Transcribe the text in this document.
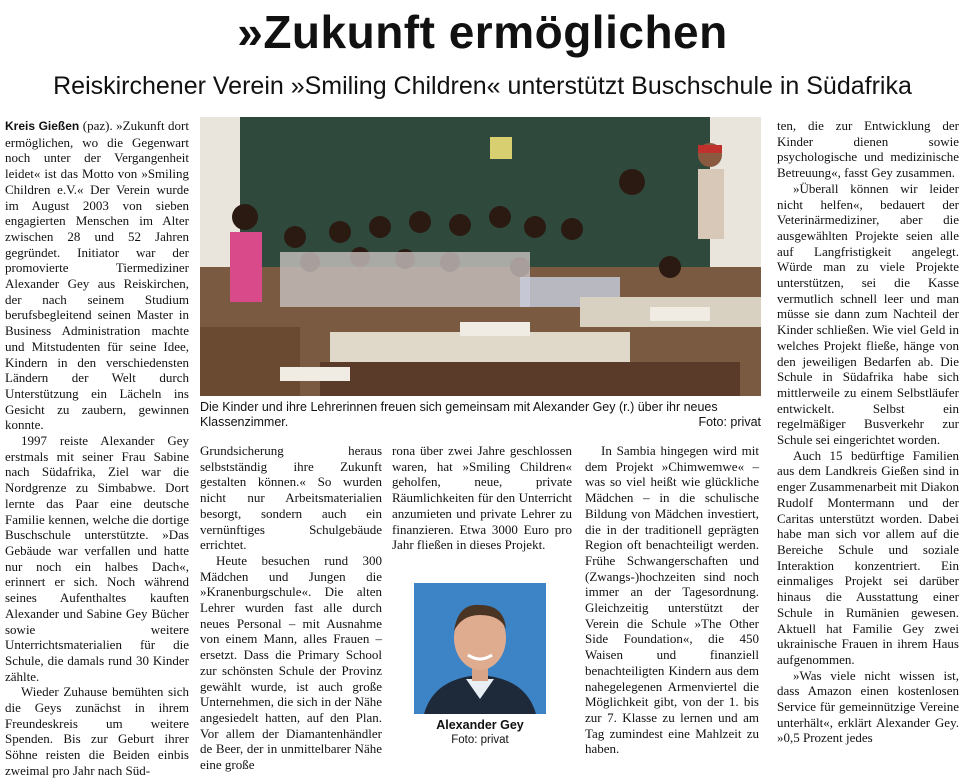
»Zukunft ermöglichen
Reiskirchener Verein »Smiling Children« unterstützt Buschschule in Südafrika

Kreis Gießen (paz). »Zukunft dort ermöglichen, wo die Gegenwart noch unter der Vergangenheit leidet« ist das Motto von »Smiling Children e.V.« Der Verein wurde im August 2003 von sieben engagierten Menschen im Alter zwischen 28 und 52 Jahren gegründet. Initiator war der promovierte Tiermediziner Alexander Gey aus Reiskirchen, der nach seinem Studium berufsbegleitend seinen Master in Business Administration machte und Mitstudenten für seine Idee, Kindern in den verschiedensten Ländern der Welt durch Unterstützung ein Lächeln ins Gesicht zu zaubern, gewinnen konnte.

1997 reiste Alexander Gey erstmals mit seiner Frau Sabine nach Südafrika, Ziel war die Nordgrenze zu Simbabwe. Dort lernte das Paar eine deutsche Familie kennen, welche die dortige Buschschule unterstützte. »Das Gebäude war verfallen und hatte nur noch ein halbes Dach«, erinnert er sich. Noch während seines Aufenthaltes kauften Alexander und Sabine Gey Bücher sowie weitere Unterrichtsmaterialien für die Schule, die damals rund 30 Kinder zählte.

Wieder Zuhause bemühten sich die Geys zunächst in ihrem Freundeskreis um weitere Spenden. Bis zur Geburt ihrer Söhne reisten die Beiden einbis zweimal pro Jahr nach Süd-

Die Kinder und ihre Lehrerinnen freuen sich gemeinsam mit Alexander Gey (r.) über ihr neues Klassenzimmer.	Foto: privat

Grundsicherung heraus selbstständig ihre Zukunft gestalten können.« So wurden nicht nur Arbeitsmaterialien besorgt, sondern auch ein vernünftiges Schulgebäude errichtet.

Heute besuchen rund 300 Mädchen und Jungen die »Kranenburgschule«. Die alten Lehrer wurden fast alle durch neues Personal – mit Ausnahme von einem Mann, alles Frauen – ersetzt. Dass die Primary School zur schönsten Schule der Provinz gewählt wurde, ist auch große Unternehmen, die sich in der Nähe angesiedelt hatten, auf den Plan. Vor allem der Diamantenhändler de Beer, der in unmittelbarer Nähe eine große

rona über zwei Jahre geschlossen waren, hat »Smiling Children« geholfen, neue, private Räumlichkeiten für den Unterricht anzumieten und private Lehrer zu finanzieren. Etwa 3000 Euro pro Jahr fließen in dieses Projekt.

Alexander Gey
Foto: privat

In Sambia hingegen wird mit dem Projekt »Chimwemwe« – was so viel heißt wie glückliche Mädchen – in die schulische Bildung von Mädchen investiert, die in der traditionell geprägten Region oft benachteiligt werden. Frühe Schwangerschaften und (Zwangs-)hochzeiten sind noch immer an der Tagesordnung. Gleichzeitig unterstützt der Verein die Schule »The Other Side Foundation«, die 450 Waisen und finanziell benachteiligten Kindern aus dem nahegelegenen Armenviertel die Möglichkeit gibt, von der 1. bis zur 7. Klasse zu lernen und am Tag zumindest eine Mahlzeit zu haben.

ten, die zur Entwicklung der Kinder dienen sowie psychologische und medizinische Betreuung«, fasst Gey zusammen.

»Überall können wir leider nicht helfen«, bedauert der Veterinärmediziner, aber die ausgewählten Projekte seien alle auf Langfristigkeit angelegt. Würde man zu viele Projekte unterstützen, sei die Kasse vermutlich schnell leer und man müsse sie dann zum Nachteil der Kinder schließen. Wie viel Geld in welches Projekt fließe, hänge von den jeweiligen Bedarfen ab. Die Schule in Südafrika habe sich mittlerweile zu einem Selbstläufer entwickelt. Selbst ein regelmäßiger Busverkehr zur Schule sei eingerichtet worden.

Auch 15 bedürftige Familien aus dem Landkreis Gießen sind in enger Zusammenarbeit mit Diakon Rudolf Montermann und der Caritas unterstützt worden. Dabei habe man sich vor allem auf die Bereiche Schule und soziale Interaktion konzentriert. Ein einmaliges Projekt sei darüber hinaus die Ausstattung einer Schule in Rumänien gewesen. Aktuell hat Familie Gey zwei ukrainische Frauen in ihrem Haus aufgenommen.

»Was viele nicht wissen ist, dass Amazon einen kostenlosen Service für gemeinnützige Vereine unterhält«, erklärt Alexander Gey. »0,5 Prozent jedes
